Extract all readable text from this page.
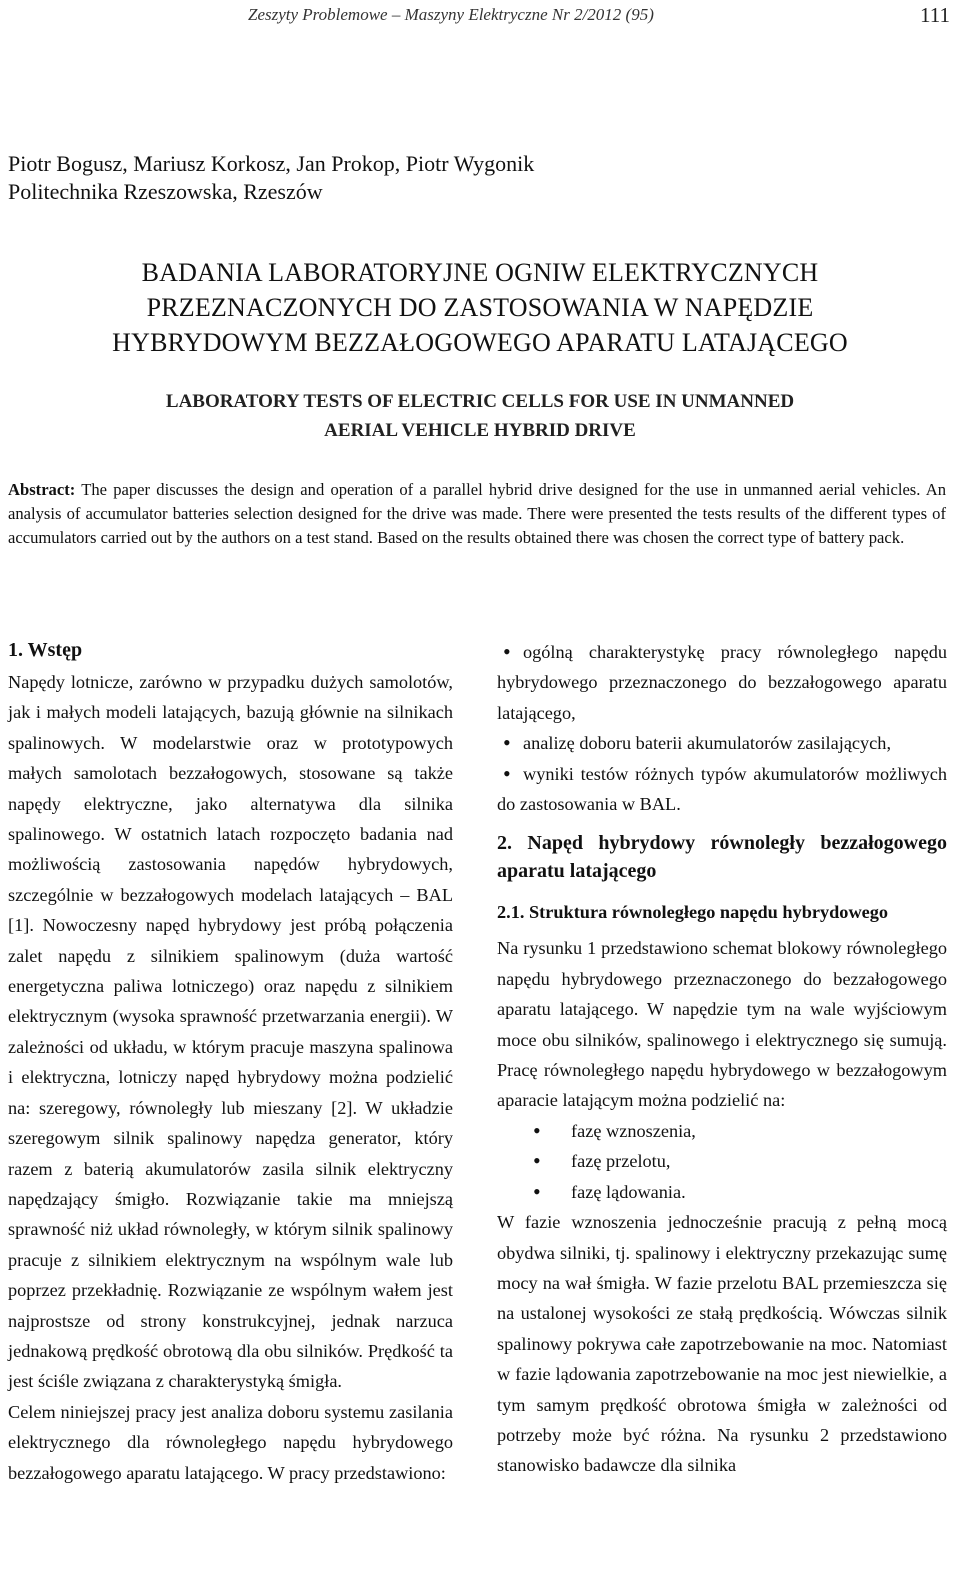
Zeszyty Problemowe – Maszyny Elektryczne Nr 2/2012 (95)	111
Piotr Bogusz, Mariusz Korkosz, Jan Prokop, Piotr Wygonik
Politechnika Rzeszowska, Rzeszów
BADANIA LABORATORYJNE OGNIW ELEKTRYCZNYCH
PRZEZNACZONYCH DO ZASTOSOWANIA W NAPĘDZIE
HYBRYDOWYM BEZZAŁOGOWEGO APARATU LATAJĄCEGO
LABORATORY TESTS OF ELECTRIC CELLS FOR USE IN UNMANNED
AERIAL VEHICLE HYBRID DRIVE
Abstract: The paper discusses the design and operation of a parallel hybrid drive designed for the use in unmanned aerial vehicles. An analysis of accumulator batteries selection designed for the drive was made. There were presented the tests results of the different types of accumulators carried out by the authors on a test stand. Based on the results obtained there was chosen the correct type of battery pack.
1. Wstęp

Napędy lotnicze, zarówno w przypadku dużych samolotów, jak i małych modeli latających, bazują głównie na silnikach spalinowych. W modelarstwie oraz w prototypowych małych samolotach bezzałogowych, stosowane są także napędy elektryczne, jako alternatywa dla silnika spalinowego. W ostatnich latach rozpoczęto badania nad możliwością zastosowania napędów hybrydowych, szczególnie w bezzałogowych modelach latających – BAL [1]. Nowoczesny napęd hybrydowy jest próbą połączenia zalet napędu z silnikiem spalinowym (duża wartość energetyczna paliwa lotniczego) oraz napędu z silnikiem elektrycznym (wysoka sprawność przetwarzania energii). W zależności od układu, w którym pracuje maszyna spalinowa i elektryczna, lotniczy napęd hybrydowy można podzielić na: szeregowy, równoległy lub mieszany [2]. W układzie szeregowym silnik spalinowy napędza generator, który razem z baterią akumulatorów zasila silnik elektryczny napędzający śmigło. Rozwiązanie takie ma mniejszą sprawność niż układ równoległy, w którym silnik spalinowy pracuje z silnikiem elektrycznym na wspólnym wale lub poprzez przekładnię. Rozwiązanie ze wspólnym wałem jest najprostsze od strony konstrukcyjnej, jednak narzuca jednakową prędkość obrotową dla obu silników. Prędkość ta jest ściśle związana z charakterystyką śmigła.

Celem niniejszej pracy jest analiza doboru systemu zasilania elektrycznego dla równoległego napędu hybrydowego bezzałogowego aparatu latającego. W pracy przedstawiono:

• ogólną charakterystykę pracy równoległego napędu hybrydowego przeznaczonego do bezzałogowego aparatu latającego,
• analizę doboru baterii akumulatorów zasilających,
• wyniki testów różnych typów akumulatorów możliwych do zastosowania w BAL.
2. Napęd hybrydowy równoległy bezzałogowego aparatu latającego
2.1. Struktura równoległego napędu hybrydowego

Na rysunku 1 przedstawiono schemat blokowy równoległego napędu hybrydowego przeznaczonego do bezzałogowego aparatu latającego. W napędzie tym na wale wyjściowym moce obu silników, spalinowego i elektrycznego się sumują. Pracę równoległego napędu hybrydowego w bezzałogowym aparacie latającym można podzielić na:

• fazę wznoszenia,
• fazę przelotu,
• fazę lądowania.

W fazie wznoszenia jednocześnie pracują z pełną mocą obydwa silniki, tj. spalinowy i elektryczny przekazując sumę mocy na wał śmigła. W fazie przelotu BAL przemieszcza się na ustalonej wysokości ze stałą prędkością. Wówczas silnik spalinowy pokrywa całe zapotrzebowanie na moc. Natomiast w fazie lądowania zapotrzebowanie na moc jest niewielkie, a tym samym prędkość obrotowa śmigła w zależności od potrzeby może być różna. Na rysunku 2 przedstawiono stanowisko badawcze dla silnika
